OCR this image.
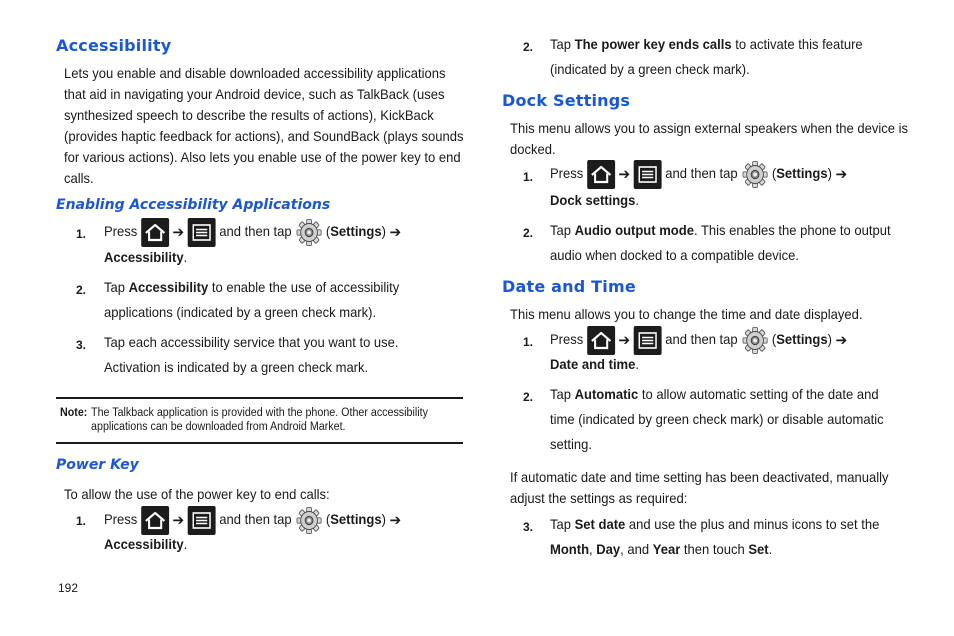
Accessibility
Lets you enable and disable downloaded accessibility applications that aid in navigating your Android device, such as TalkBack (uses synthesized speech to describe the results of actions), KickBack (provides haptic feedback for actions), and SoundBack (plays sounds for various actions). Also lets you enable use of the power key to end calls.
Enabling Accessibility Applications
1. Press ➔	and then tap (Settings) ➔
Accessibility.
2. Tap Accessibility to enable the use of accessibility applications (indicated by a green check mark).
3. Tap each accessibility service that you want to use. Activation is indicated by a green check mark.
Note: The Talkback application is provided with the phone. Other accessibility applications can be downloaded from Android Market.
Power Key
To allow the use of the power key to end calls:
1. Press ➔	and then tap (Settings) ➔
Accessibility.
192
2. Tap The power key ends calls to activate this feature (indicated by a green check mark).
Dock Settings
This menu allows you to assign external speakers when the device is docked.
1. Press ➔	and then tap (Settings) ➔
Dock settings.
2. Tap Audio output mode. This enables the phone to output audio when docked to a compatible device.
Date and Time
This menu allows you to change the time and date displayed.
1. Press ➔	and then tap (Settings) ➔
Date and time.
2. Tap Automatic to allow automatic setting of the date and time (indicated by green check mark) or disable automatic setting.
If automatic date and time setting has been deactivated, manually adjust the settings as required:
3. Tap Set date and use the plus and minus icons to set the Month, Day, and Year then touch Set.
